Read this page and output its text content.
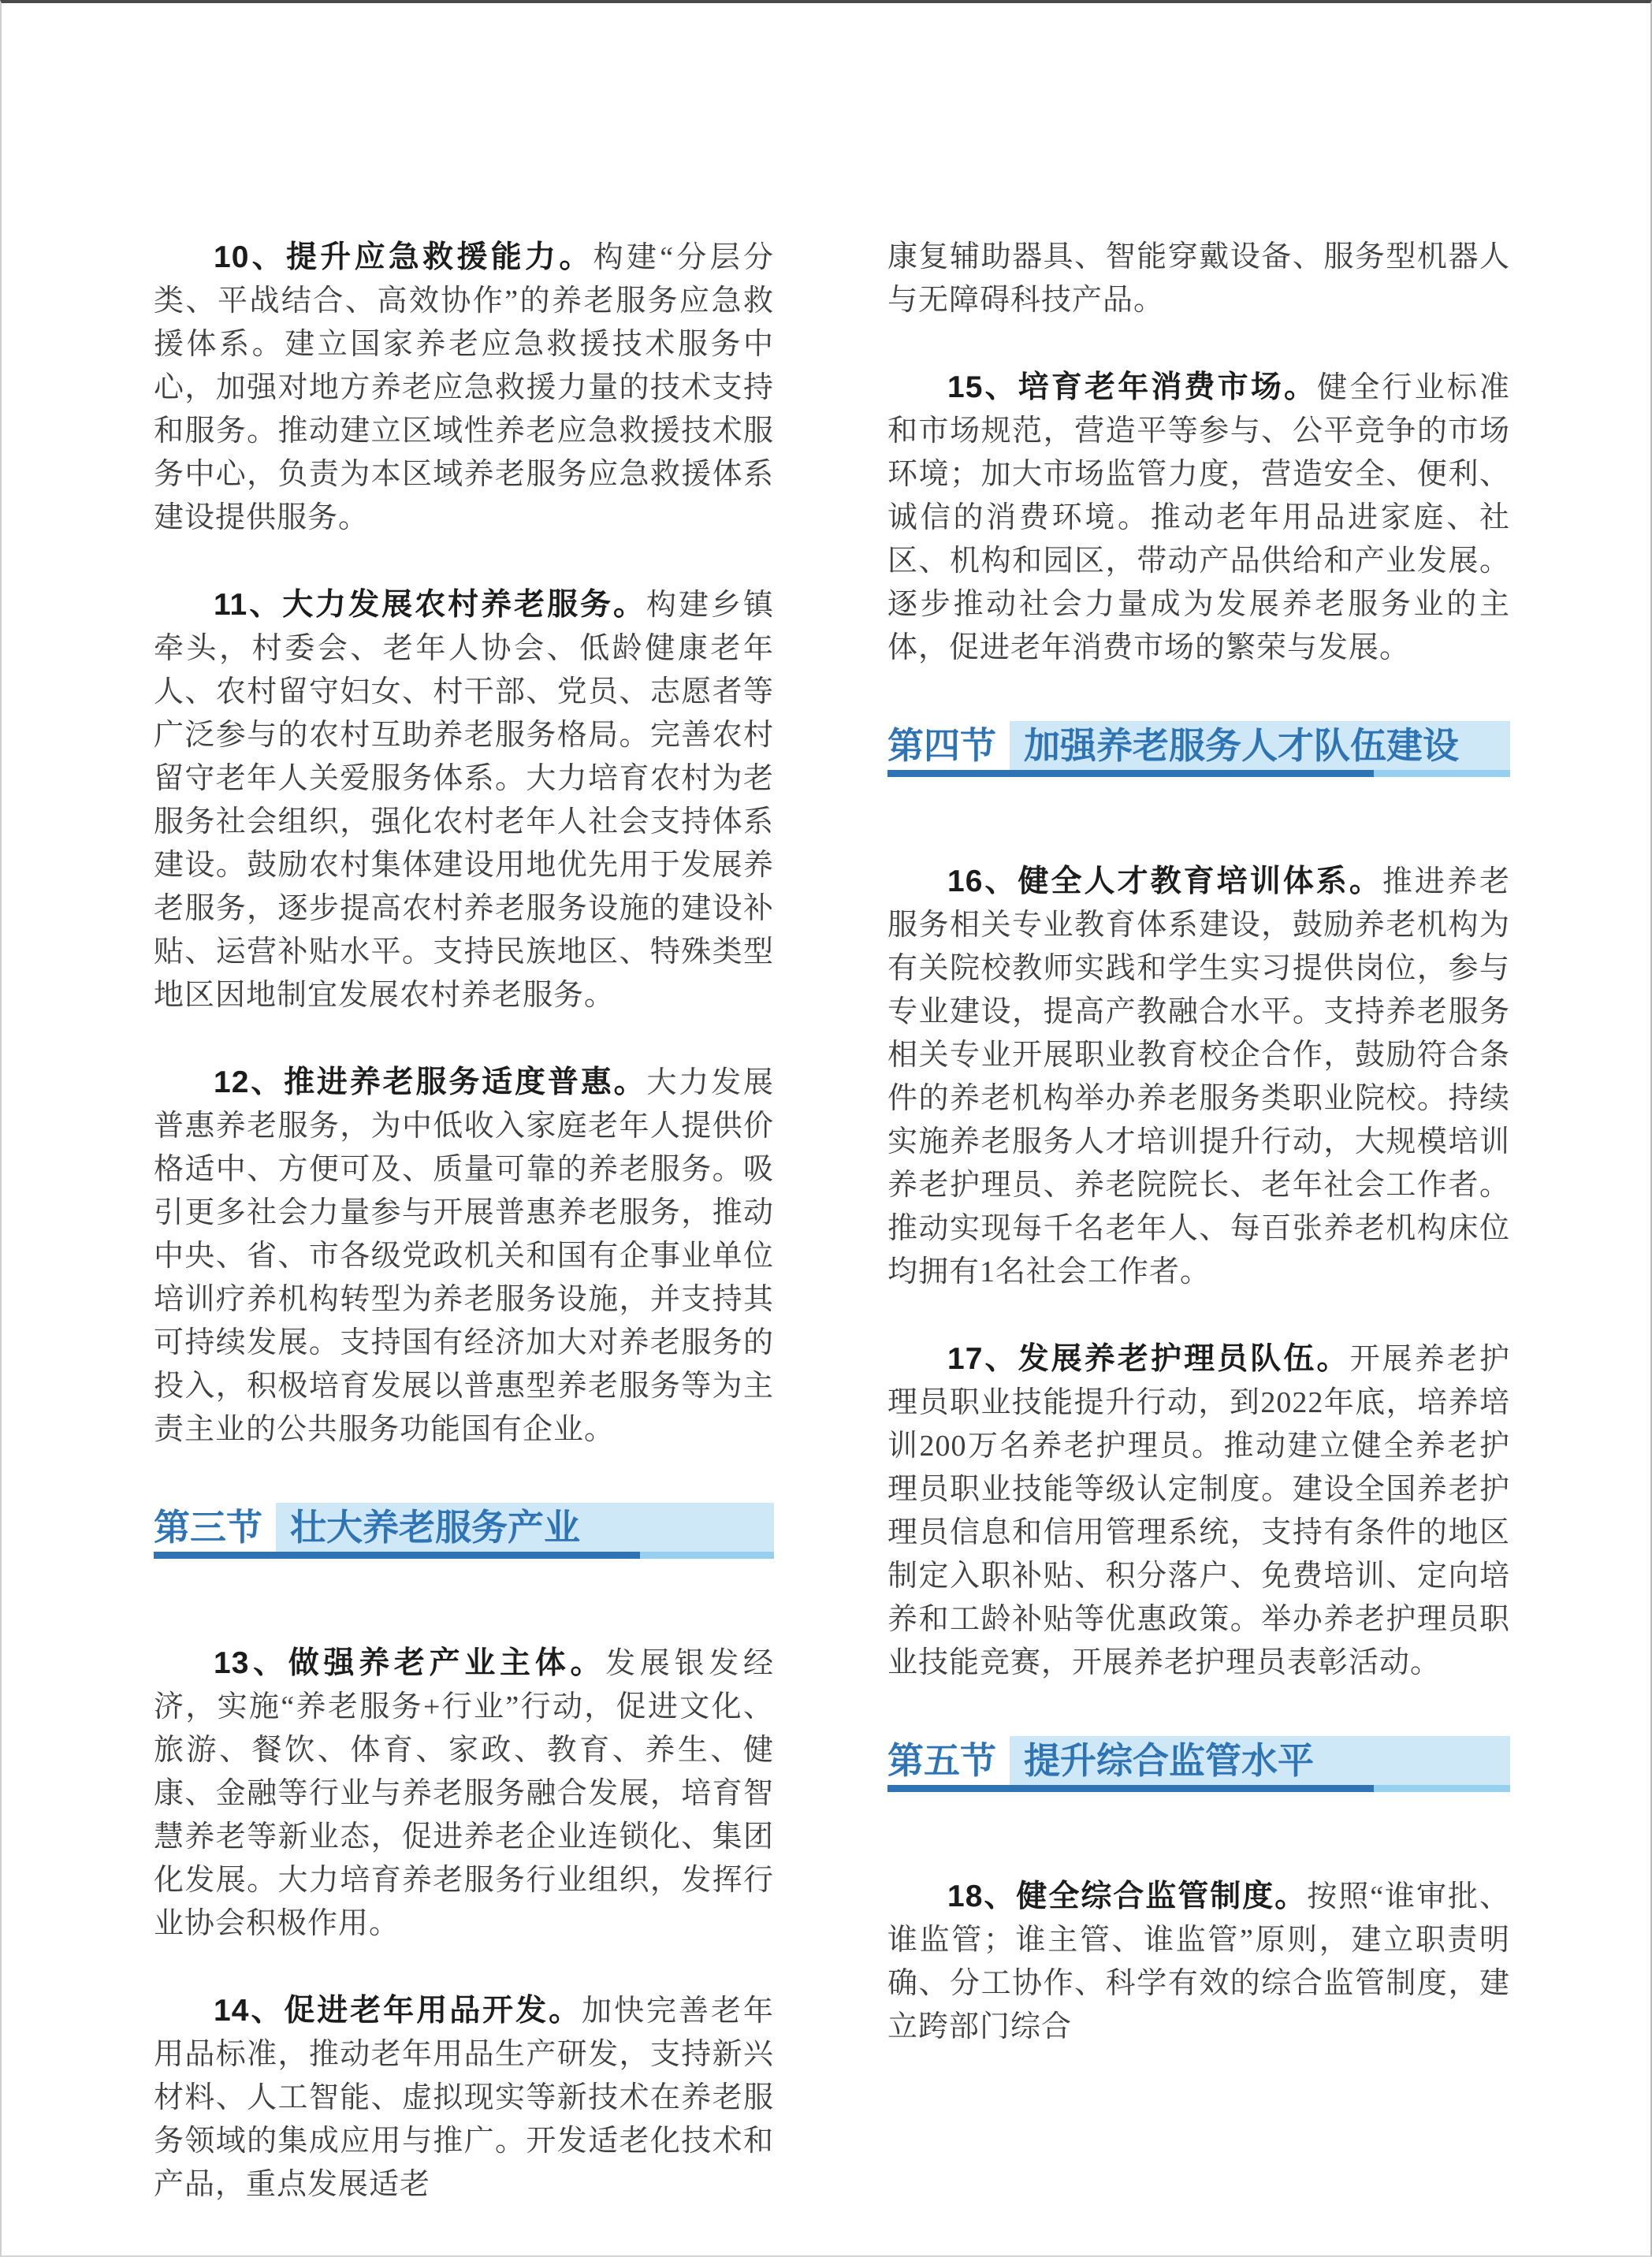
10、提升应急救援能力。构建“分层分类、平战结合、高效协作”的养老服务应急救援体系。建立国家养老应急救援技术服务中心，加强对地方养老应急救援力量的技术支持和服务。推动建立区域性养老应急救援技术服务中心，负责为本区域养老服务应急救援体系建设提供服务。

11、大力发展农村养老服务。构建乡镇牵头，村委会、老年人协会、低龄健康老年人、农村留守妇女、村干部、党员、志愿者等广泛参与的农村互助养老服务格局。完善农村留守老年人关爱服务体系。大力培育农村为老服务社会组织，强化农村老年人社会支持体系建设。鼓励农村集体建设用地优先用于发展养老服务，逐步提高农村养老服务设施的建设补贴、运营补贴水平。支持民族地区、特殊类型地区因地制宜发展农村养老服务。

12、推进养老服务适度普惠。大力发展普惠养老服务，为中低收入家庭老年人提供价格适中、方便可及、质量可靠的养老服务。吸引更多社会力量参与开展普惠养老服务，推动中央、省、市各级党政机关和国有企事业单位培训疗养机构转型为养老服务设施，并支持其可持续发展。支持国有经济加大对养老服务的投入，积极培育发展以普惠型养老服务等为主责主业的公共服务功能国有企业。

第三节 壮大养老服务产业

13、做强养老产业主体。发展银发经济，实施“养老服务+行业”行动，促进文化、旅游、餐饮、体育、家政、教育、养生、健康、金融等行业与养老服务融合发展，培育智慧养老等新业态，促进养老企业连锁化、集团化发展。大力培育养老服务行业组织，发挥行业协会积极作用。

14、促进老年用品开发。加快完善老年用品标准，推动老年用品生产研发，支持新兴材料、人工智能、虚拟现实等新技术在养老服务领域的集成应用与推广。开发适老化技术和产品，重点发展适老

康复辅助器具、智能穿戴设备、服务型机器人与无障碍科技产品。

15、培育老年消费市场。健全行业标准和市场规范，营造平等参与、公平竞争的市场环境；加大市场监管力度，营造安全、便利、诚信的消费环境。推动老年用品进家庭、社区、机构和园区，带动产品供给和产业发展。逐步推动社会力量成为发展养老服务业的主体，促进老年消费市场的繁荣与发展。

第四节 加强养老服务人才队伍建设

16、健全人才教育培训体系。推进养老服务相关专业教育体系建设，鼓励养老机构为有关院校教师实践和学生实习提供岗位，参与专业建设，提高产教融合水平。支持养老服务相关专业开展职业教育校企合作，鼓励符合条件的养老机构举办养老服务类职业院校。持续实施养老服务人才培训提升行动，大规模培训养老护理员、养老院院长、老年社会工作者。推动实现每千名老年人、每百张养老机构床位均拥有1名社会工作者。

17、发展养老护理员队伍。开展养老护理员职业技能提升行动，到2022年底，培养培训200万名养老护理员。推动建立健全养老护理员职业技能等级认定制度。建设全国养老护理员信息和信用管理系统，支持有条件的地区制定入职补贴、积分落户、免费培训、定向培养和工龄补贴等优惠政策。举办养老护理员职业技能竞赛，开展养老护理员表彰活动。

第五节 提升综合监管水平

18、健全综合监管制度。按照“谁审批、谁监管；谁主管、谁监管”原则，建立职责明确、分工协作、科学有效的综合监管制度，建立跨部门综合
